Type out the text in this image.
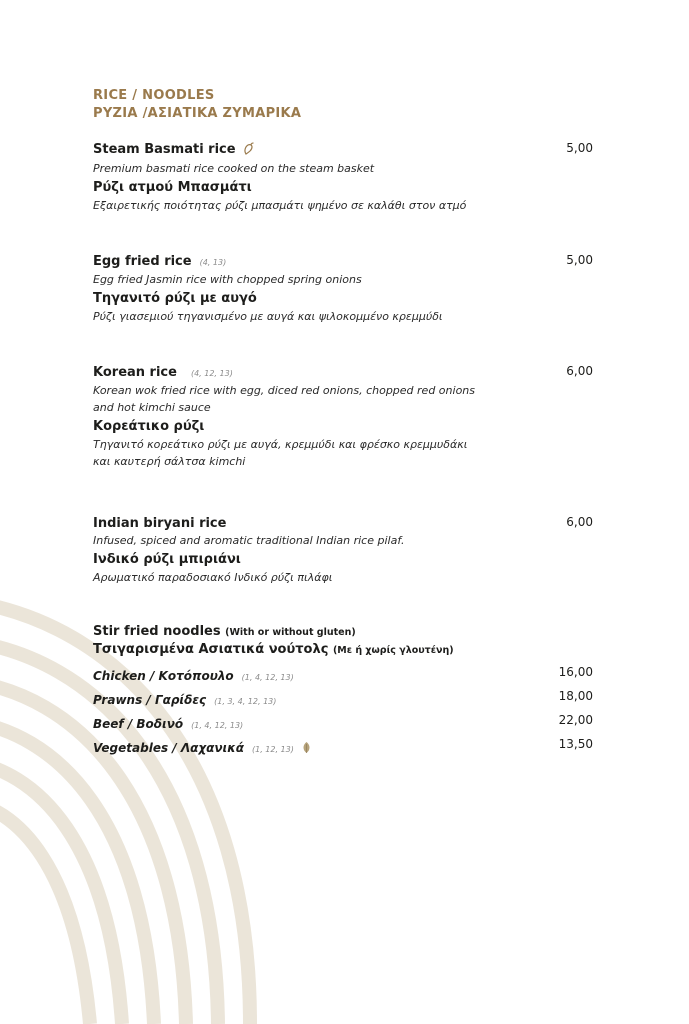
RICE / NOODLES
ΡΥΖΙΑ /ΑΣΙΑΤΙΚΑ ΖΥΜΑΡΙΚΑ
Steam Basmati rice	5,00
Premium basmati rice cooked on the steam basket
Ρύζι ατμού Μπασμάτι
Εξαιρετικής ποιότητας ρύζι μπασμάτι ψημένο σε καλάθι στον ατμό
Egg fried rice (4, 13)	5,00
Egg fried Jasmin rice with chopped spring onions
Τηγανιτό ρύζι με αυγό
Ρύζι γιασεμιού τηγανισμένο με αυγά και ψιλοκομμένο κρεμμύδι
Korean rice (4, 12, 13)	6,00
Korean wok fried rice with egg, diced red onions, chopped red onions
and hot kimchi sauce
Κορεάτικο ρύζι
Τηγανιτό κορεάτικο ρύζι με αυγά, κρεμμύδι και φρέσκο κρεμμυδάκι
και καυτερή σάλτσα kimchi
Indian biryani rice	6,00
Infused, spiced and aromatic traditional Indian rice pilaf.
Ινδικό ρύζι μπιριάνι
Αρωματικό παραδοσιακό Ινδικό ρύζι πιλάφι
Stir fried noodles (With or without gluten)
Τσιγαρισμένα Ασιατικά νούτολς (Με ή χωρίς γλουτένη)
Chicken / Κοτόπουλο (1, 4, 12, 13)	16,00
Prawns / Γαρίδες (1, 3, 4, 12, 13)	18,00
Beef / Βοδινό (1, 4, 12, 13)	22,00
Vegetables / Λαχανικά (1, 12, 13)	13,50
